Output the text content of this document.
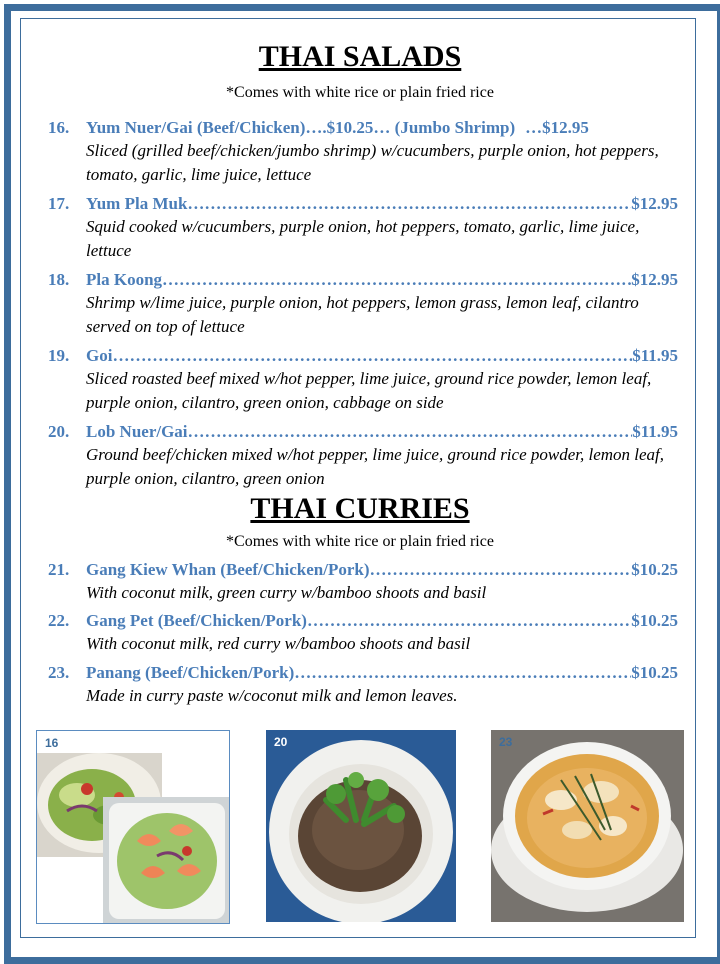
THAI SALADS
*Comes with white rice or plain fried rice
16. Yum Nuer/Gai (Beef/Chicken)….$10.25… (Jumbo Shrimp) …$12.95
Sliced (grilled beef/chicken/jumbo shrimp) w/cucumbers, purple onion, hot peppers, tomato, garlic, lime juice, lettuce
17. Yum Pla Muk ……………………………………………………………………………………………………………	$12.95
Squid cooked w/cucumbers, purple onion, hot peppers, tomato, garlic, lime juice, lettuce
18. Pla Koong ……………………………………………………………………………………………………………	$12.95
Shrimp w/lime juice, purple onion, hot peppers, lemon grass, lemon leaf, cilantro served on top of lettuce
19. Goi ……………………………………………………………………………………………………………	$11.95
Sliced roasted beef mixed w/hot pepper, lime juice, ground rice powder, lemon leaf, purple onion, cilantro, green onion, cabbage on side
20. Lob Nuer/Gai ……………………………………………………………………………………………………………	$11.95
Ground beef/chicken mixed w/hot pepper, lime juice, ground rice powder, lemon leaf, purple onion, cilantro, green onion
THAI CURRIES
*Comes with white rice or plain fried rice
21. Gang Kiew Whan (Beef/Chicken/Pork) ……………………………………………………………………………………………………………	$10.25
With coconut milk, green curry w/bamboo shoots and basil
22. Gang Pet (Beef/Chicken/Pork) ……………………………………………………………………………………………………………	$10.25
With coconut milk, red curry w/bamboo shoots and basil
23. Panang (Beef/Chicken/Pork) ……………………………………………………………………………………………………………	$10.25
Made in curry paste w/coconut milk and lemon leaves.
16	20	23
